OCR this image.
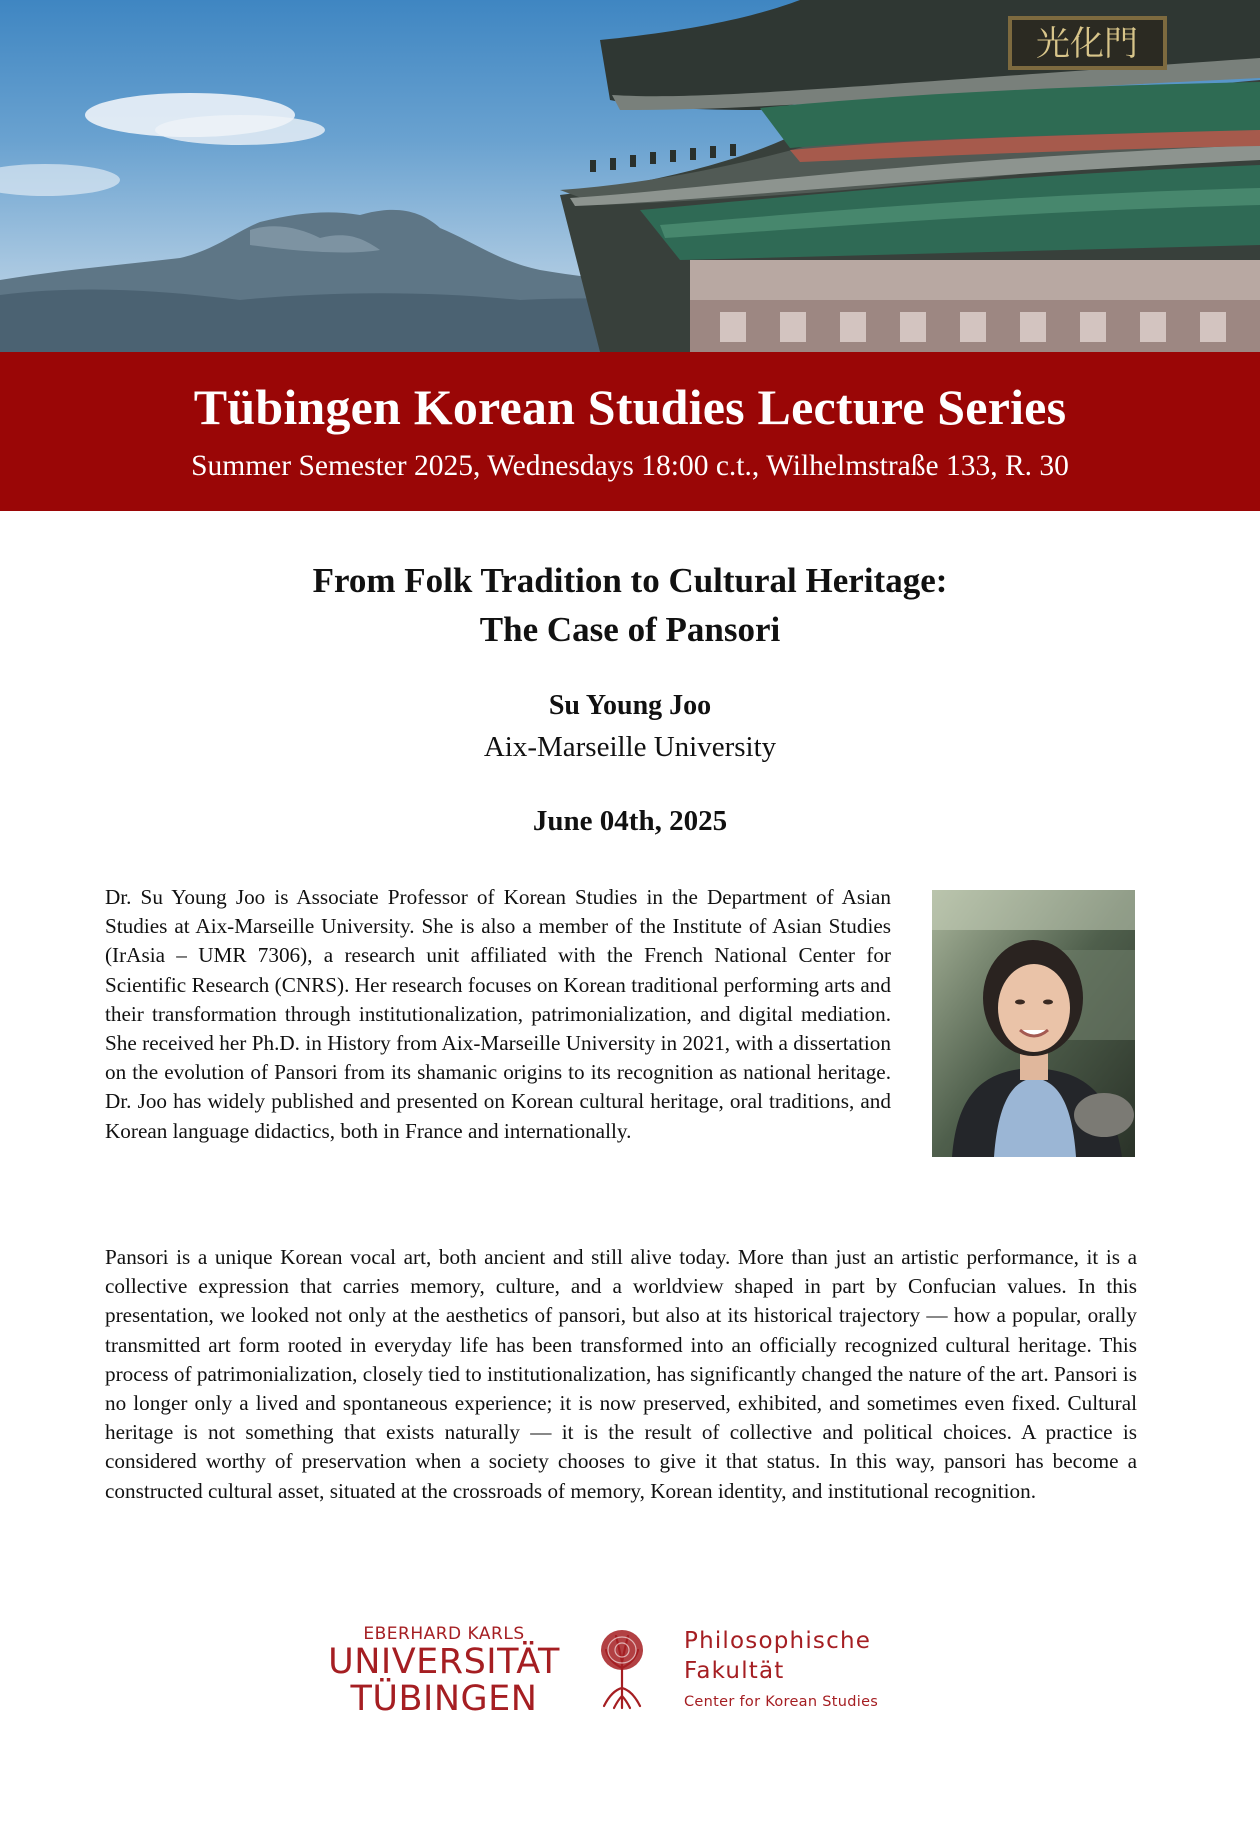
光化門
Tübingen Korean Studies Lecture Series
Summer Semester 2025, Wednesdays 18:00 c.t., Wilhelmstraße 133, R. 30
From Folk Tradition to Cultural Heritage:
The Case of Pansori
Su Young Joo
Aix-Marseille University
June 04th, 2025
Dr. Su Young Joo is Associate Professor of Korean Studies in the Department of Asian Studies at Aix-Marseille University. She is also a member of the Institute of Asian Studies (IrAsia – UMR 7306), a research unit affiliated with the French National Center for Scientific Research (CNRS). Her research focuses on Korean traditional performing arts and their transformation through institutionalization, patrimonialization, and digital mediation. She received her Ph.D. in History from Aix-Marseille University in 2021, with a dissertation on the evolution of Pansori from its shamanic origins to its recognition as national heritage. Dr. Joo has widely published and presented on Korean cultural heritage, oral traditions, and Korean language didactics, both in France and internationally.
Pansori is a unique Korean vocal art, both ancient and still alive today. More than just an artistic performance, it is a collective expression that carries memory, culture, and a worldview shaped in part by Confucian values. In this presentation, we looked not only at the aesthetics of pansori, but also at its historical trajectory — how a popular, orally transmitted art form rooted in everyday life has been transformed into an officially recognized cultural heritage. This process of patrimonialization, closely tied to institutionalization, has significantly changed the nature of the art. Pansori is no longer only a lived and spontaneous experience; it is now preserved, exhibited, and sometimes even fixed. Cultural heritage is not something that exists naturally — it is the result of collective and political choices. A practice is considered worthy of preservation when a society chooses to give it that status. In this way, pansori has become a constructed cultural asset, situated at the crossroads of memory, Korean identity, and institutional recognition.
EBERHARD KARLS
UNIVERSITÄT
TÜBINGEN
Philosophische
Fakultät
Center for Korean Studies
